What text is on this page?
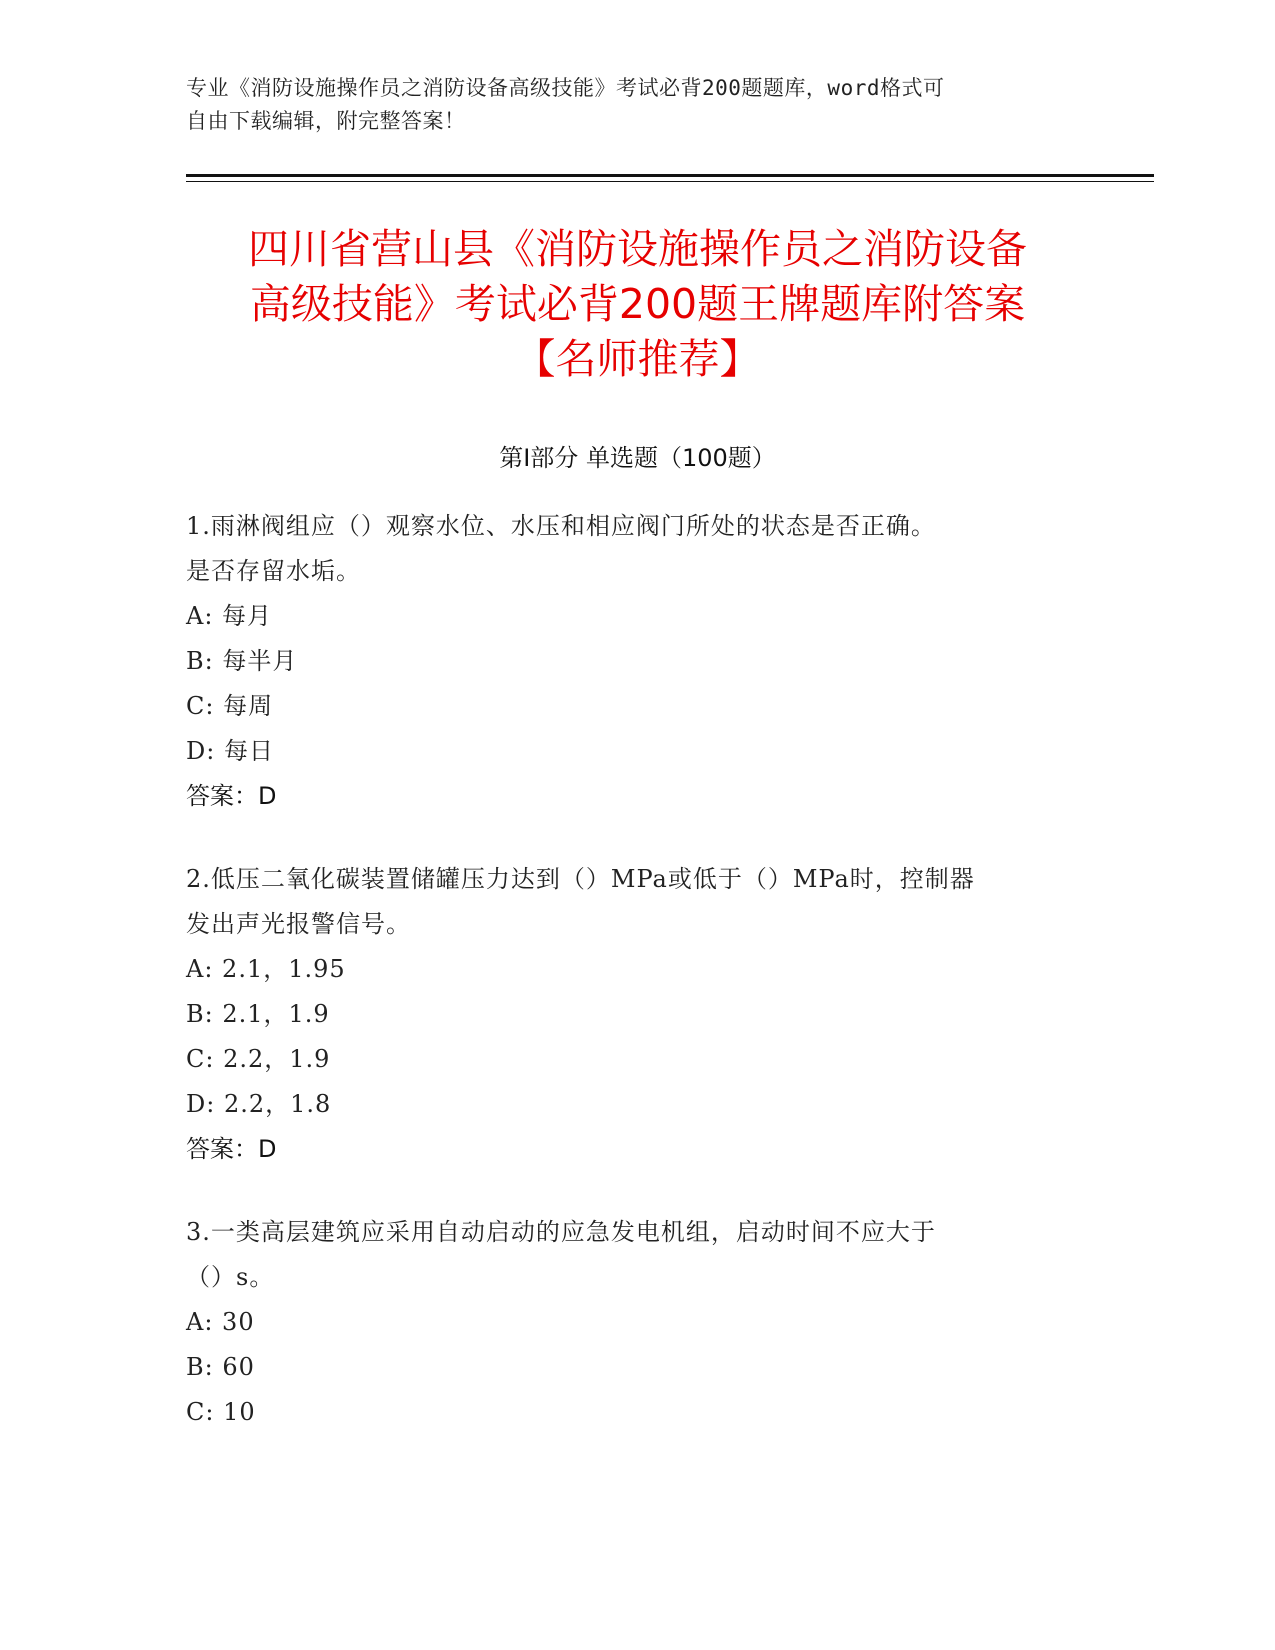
专业《消防设施操作员之消防设备高级技能》考试必背200题题库，word格式可
自由下载编辑，附完整答案！
四川省营山县《消防设施操作员之消防设备
高级技能》考试必背200题王牌题库附答案
【名师推荐】
第Ⅰ部分 单选题（100题）

1.雨淋阀组应（）观察水位、水压和相应阀门所处的状态是否正确。

是否存留水垢。

A: 每月

B: 每半月

C: 每周

D: 每日

答案：D

2.低压二氧化碳装置储罐压力达到（）MPa或低于（）MPa时，控制器

发出声光报警信号。

A: 2.1，1.95

B: 2.1，1.9

C: 2.2，1.9

D: 2.2，1.8

答案：D

3.一类高层建筑应采用自动启动的应急发电机组，启动时间不应大于

（）s。

A: 30

B: 60

C: 10
